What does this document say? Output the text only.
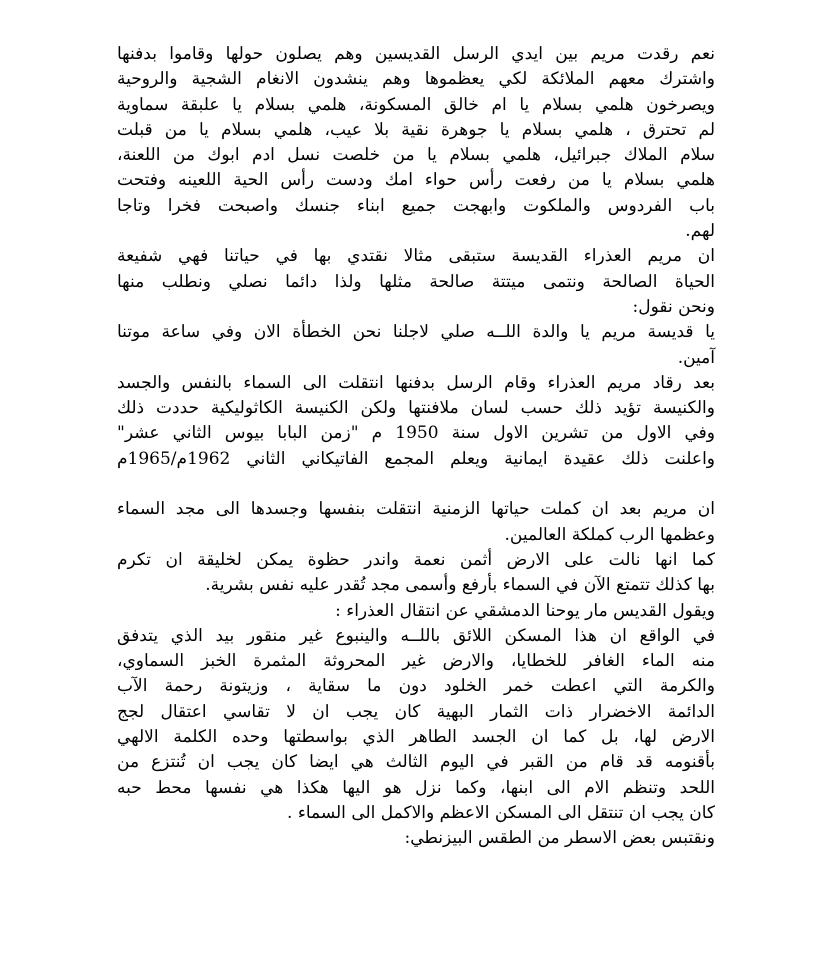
نعم رقدت مريم بين ايدي الرسل القديسين وهم يصلون حولها وقاموا بدفنها
واشترك معهم الملائكة لكي يعظموها وهم ينشدون الانغام الشجية والروحية
ويصرخون هلمي بسلام يا ام خالق المسكونة، هلمي بسلام يا علبقة سماوية
لم تحترق ، هلمي بسلام يا جوهرة نقية بلا عيب، هلمي بسلام يا من قبلت
سلام الملاك جبرائيل، هلمي بسلام يا من خلصت نسل ادم ابوك من اللعنة،
هلمي بسلام يا من رفعت رأس حواء امك ودست رأس الحية اللعينه وفتحت
باب الفردوس والملكوت وابهجت جميع ابناء جنسك واصبحت فخرا وتاجا
لهم.
ان مريم العذراء القديسة ستبقى مثالا نقتدي بها في حياتنا فهي شفيعة
الحياة الصالحة ونتمى ميتتة صالحة مثلها ولذا دائما نصلي ونطلب منها
ونحن نقول:
يا قديسة مريم يا والدة اللــه صلي لاجلنا نحن الخطأة الان وفي ساعة موتنا
آمين.
بعد رقاد مريم العذراء وقام الرسل بدفنها انتقلت الى السماء بالنفس والجسد
والكنيسة تؤيد ذلك حسب لسان ملافنتها ولكن الكنيسة الكاثوليكية حددت ذلك
وفي الاول من تشرين الاول سنة 1950 م "زمن البابا بيوس الثاني عشر"
واعلنت ذلك عقيدة ايمانية ويعلم المجمع الفاتيكاني الثاني 1962م/1965م
ان مريم بعد ان كملت حياتها الزمنية انتقلت بنفسها وجسدها الى مجد السماء
وعظمها الرب كملكة العالمين.
كما انها نالت على الارض أثمن نعمة واندر حظوة يمكن لخليقة ان تكرم
بها كذلك تتمتع الآن في السماء بأرفع وأسمى مجد تُقدر عليه نفس بشرية.
ويقول القديس مار يوحنا الدمشقي عن انتقال العذراء :
في الواقع ان هذا المسكن اللائق باللــه والينبوع غير منقور بيد الذي يتدفق
منه الماء الغافر للخطايا، والارض غير المحروثة المثمرة الخبز السماوي،
والكرمة التي اعطت خمر الخلود دون ما سقاية ، وزيتونة رحمة الآب
الدائمة الاخضرار ذات الثمار البهية كان يجب ان لا تقاسي اعتقال لجج
الارض لها، بل كما ان الجسد الطاهر الذي بواسطتها وحده الكلمة الالهي
بأقنومه قد قام من القبر في اليوم الثالث هي ايضا كان يجب ان تُنتزع من
اللحد وتنظم الام الى ابنها، وكما نزل هو اليها هكذا هي نفسها محط حبه
كان يجب ان تنتقل الى المسكن الاعظم والاكمل الى السماء .
ونقتبس بعض الاسطر من الطقس البيزنطي:
